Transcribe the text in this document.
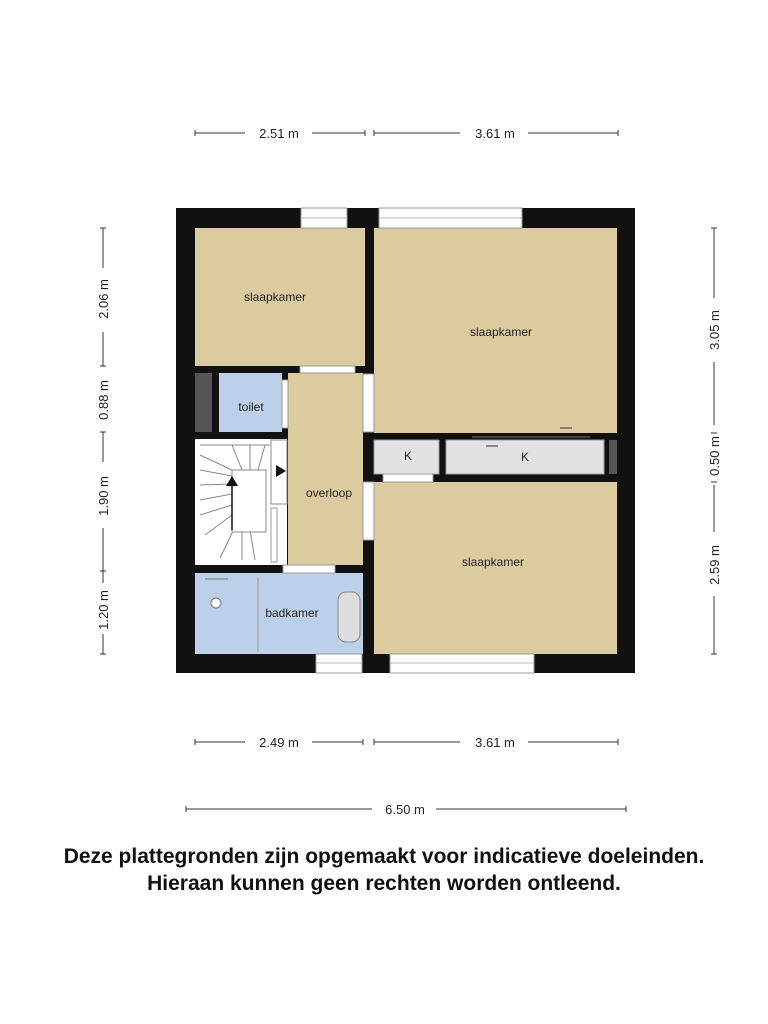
slaapkamer
slaapkamer
slaapkamer
toilet
overloop
badkamer
K	K
2.51 m	3.61 m
2.49 m	3.61 m
6.50 m
2.06 m
0.88 m
1.90 m
1.20 m
3.05 m
0.50 m
2.59 m
Deze plattegronden zijn opgemaakt voor indicatieve doeleinden.
Hieraan kunnen geen rechten worden ontleend.
